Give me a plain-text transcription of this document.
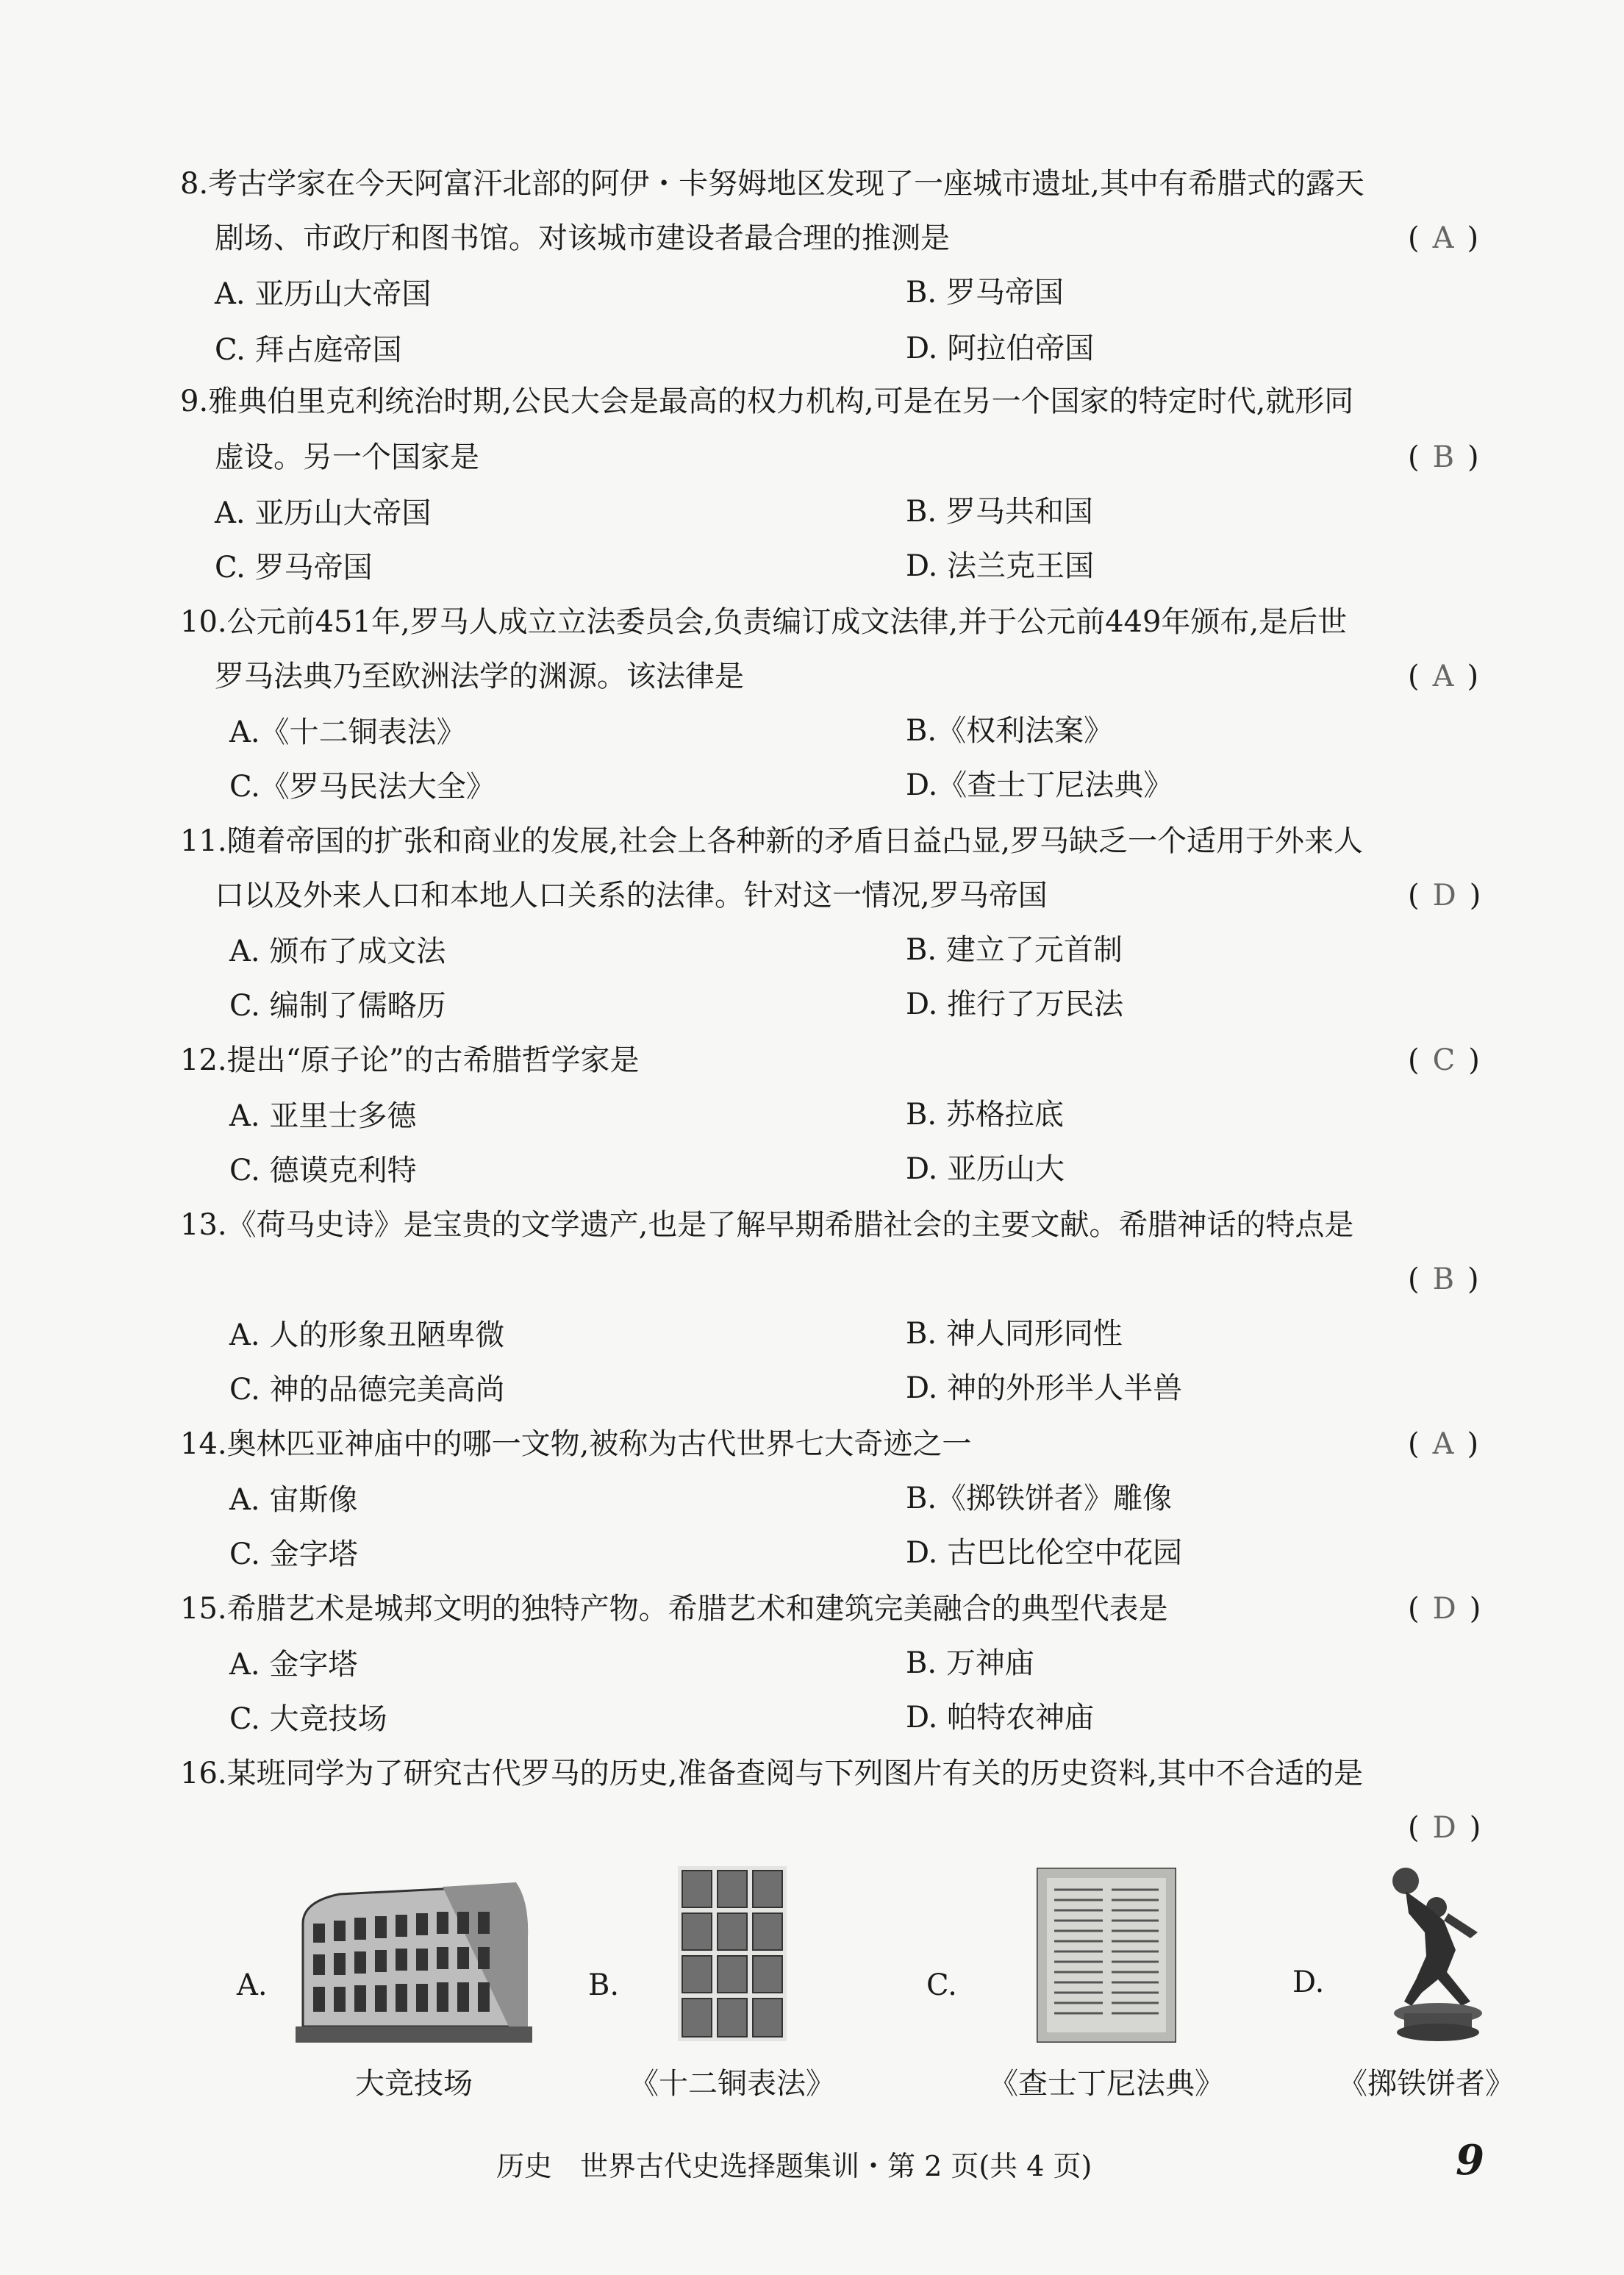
8.考古学家在今天阿富汗北部的阿伊・卡努姆地区发现了一座城市遗址,其中有希腊式的露天
剧场、市政厅和图书馆。对该城市建设者最合理的推测是	( A )
A. 亚历山大帝国	B. 罗马帝国
C. 拜占庭帝国	D. 阿拉伯帝国
9.雅典伯里克利统治时期,公民大会是最高的权力机构,可是在另一个国家的特定时代,就形同
虚设。另一个国家是	( B )
A. 亚历山大帝国	B. 罗马共和国
C. 罗马帝国	D. 法兰克王国
10.公元前451年,罗马人成立立法委员会,负责编订成文法律,并于公元前449年颁布,是后世
罗马法典乃至欧洲法学的渊源。该法律是	( A )
A.《十二铜表法》	B.《权利法案》
C.《罗马民法大全》	D.《查士丁尼法典》
11.随着帝国的扩张和商业的发展,社会上各种新的矛盾日益凸显,罗马缺乏一个适用于外来人
口以及外来人口和本地人口关系的法律。针对这一情况,罗马帝国	( D )
A. 颁布了成文法	B. 建立了元首制
C. 编制了儒略历	D. 推行了万民法
12.提出“原子论”的古希腊哲学家是	( C )
A. 亚里士多德	B. 苏格拉底
C. 德谟克利特	D. 亚历山大
13.《荷马史诗》是宝贵的文学遗产,也是了解早期希腊社会的主要文献。希腊神话的特点是
( B )
A. 人的形象丑陋卑微	B. 神人同形同性
C. 神的品德完美高尚	D. 神的外形半人半兽
14.奥林匹亚神庙中的哪一文物,被称为古代世界七大奇迹之一	( A )
A. 宙斯像	B.《掷铁饼者》雕像
C. 金字塔	D. 古巴比伦空中花园
15.希腊艺术是城邦文明的独特产物。希腊艺术和建筑完美融合的典型代表是	( D )
A. 金字塔	B. 万神庙
C. 大竞技场	D. 帕特农神庙
16.某班同学为了研究古代罗马的历史,准备查阅与下列图片有关的历史资料,其中不合适的是
( D )
A.
大竞技场
B.
《十二铜表法》
C.
《查士丁尼法典》
D.
《掷铁饼者》
历史　世界古代史选择题集训・第 2 页(共 4 页)	9
